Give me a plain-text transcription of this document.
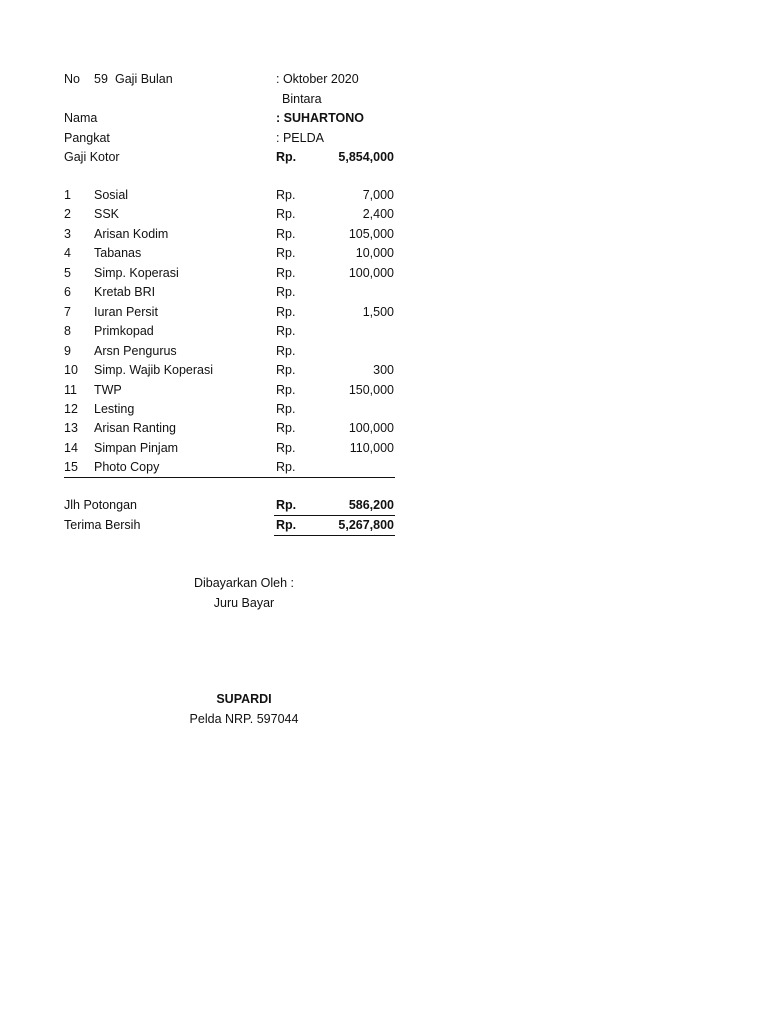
No 59 Gaji Bulan	: Oktober 2020
Bintara
Nama	: SUHARTONO
Pangkat	: PELDA
Gaji Kotor	Rp.	5,854,000
1 Sosial	Rp.	7,000
2 SSK	Rp.	2,400
3 Arisan Kodim	Rp.	105,000
4 Tabanas	Rp.	10,000
5 Simp. Koperasi	Rp.	100,000
6 Kretab BRI	Rp.
7 Iuran Persit	Rp.	1,500
8 Primkopad	Rp.
9 Arsn Pengurus	Rp.
10 Simp. Wajib Koperasi	Rp.	300
11 TWP	Rp.	150,000
12 Lesting	Rp.
13 Arisan Ranting	Rp.	100,000
14 Simpan Pinjam	Rp.	110,000
15 Photo Copy	Rp.
Jlh Potongan	Rp.	586,200
Terima Bersih	Rp.	5,267,800
Dibayarkan Oleh :
Juru Bayar
SUPARDI
Pelda NRP. 597044
